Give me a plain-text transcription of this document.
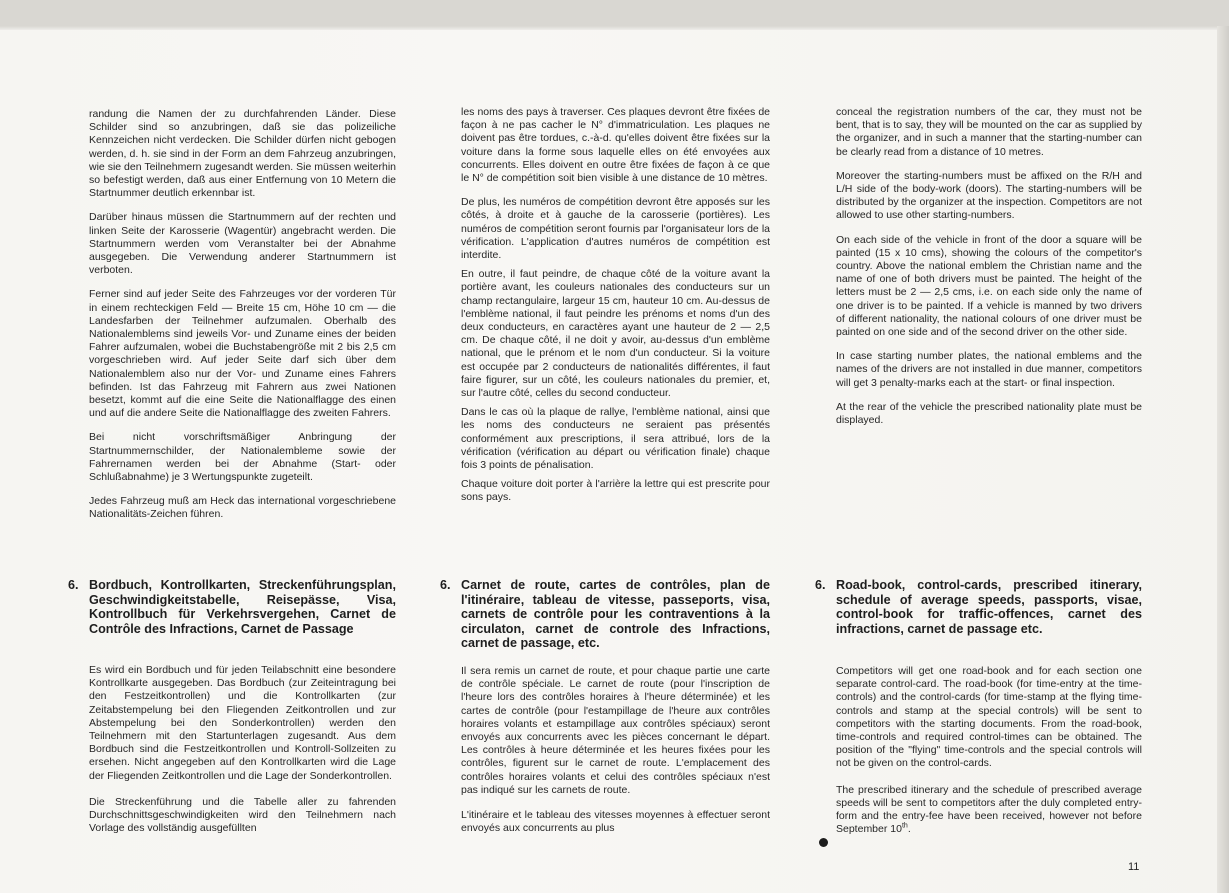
randung die Namen der zu durchfahrenden Länder. Diese Schilder sind so anzubringen, daß sie das polizeiliche Kennzeichen nicht verdecken. Die Schilder dürfen nicht gebogen werden, d. h. sie sind in der Form an dem Fahrzeug anzubringen, wie sie den Teilnehmern zugesandt werden. Sie müssen weiterhin so befestigt werden, daß aus einer Entfernung von 10 Metern die Startnummer deutlich erkennbar ist.

Darüber hinaus müssen die Startnummern auf der rechten und linken Seite der Karosserie (Wagentür) angebracht werden. Die Startnummern werden vom Veranstalter bei der Abnahme ausgegeben. Die Verwendung anderer Startnummern ist verboten.

Ferner sind auf jeder Seite des Fahrzeuges vor der vorderen Tür in einem rechteckigen Feld — Breite 15 cm, Höhe 10 cm — die Landesfarben der Teilnehmer aufzumalen. Oberhalb des Nationalemblems sind jeweils Vor- und Zuname eines der beiden Fahrer aufzumalen, wobei die Buchstabengröße mit 2 bis 2,5 cm vorgeschrieben wird. Auf jeder Seite darf sich über dem Nationalemblem also nur der Vor- und Zuname eines Fahrers befinden. Ist das Fahrzeug mit Fahrern aus zwei Nationen besetzt, kommt auf die eine Seite die Nationalflagge des einen und auf die andere Seite die Nationalflagge des zweiten Fahrers.

Bei nicht vorschriftsmäßiger Anbringung der Startnummernschilder, der Nationalembleme sowie der Fahrernamen werden bei der Abnahme (Start- oder Schlußabnahme) je 3 Wertungspunkte zugeteilt.

Jedes Fahrzeug muß am Heck das international vorgeschriebene Nationalitäts-Zeichen führen.

les noms des pays à traverser. Ces plaques devront être fixées de façon à ne pas cacher le N° d'immatriculation. Les plaques ne doivent pas être tordues, c.-à-d. qu'elles doivent être fixées sur la voiture dans la forme sous laquelle elles on été envoyées aux concurrents. Elles doivent en outre être fixées de façon à ce que le N° de compétition soit bien visible à une distance de 10 mètres.

De plus, les numéros de compétition devront être apposés sur les côtés, à droite et à gauche de la carosserie (portières). Les numéros de compétition seront fournis par l'organisateur lors de la vérification. L'application d'autres numéros de compétition est interdite.

En outre, il faut peindre, de chaque côté de la voiture avant la portière avant, les couleurs nationales des conducteurs sur un champ rectangulaire, largeur 15 cm, hauteur 10 cm. Au-dessus de l'emblème national, il faut peindre les prénoms et noms d'un des deux conducteurs, en caractères ayant une hauteur de 2 — 2,5 cm. De chaque côté, il ne doit y avoir, au-dessus d'un emblème national, que le prénom et le nom d'un conducteur. Si la voiture est occupée par 2 conducteurs de nationalités différentes, il faut faire figurer, sur un côté, les couleurs nationales du premier, et, sur l'autre côté, celles du second conducteur.

Dans le cas où la plaque de rallye, l'emblème national, ainsi que les noms des conducteurs ne seraient pas présentés conformément aux prescriptions, il sera attribué, lors de la vérification (vérification au départ ou vérification finale) chaque fois 3 points de pénalisation.

Chaque voiture doit porter à l'arrière la lettre qui est prescrite pour sons pays.

conceal the registration numbers of the car, they must not be bent, that is to say, they will be mounted on the car as supplied by the organizer, and in such a manner that the starting-number can be clearly read from a distance of 10 metres.

Moreover the starting-numbers must be affixed on the R/H and L/H side of the body-work (doors). The starting-numbers will be distributed by the organizer at the inspection. Competitors are not allowed to use other starting-numbers.

On each side of the vehicle in front of the door a square will be painted (15 x 10 cms), showing the colours of the competitor's country. Above the national emblem the Christian name and the name of one of both drivers must be painted. The height of the letters must be 2 — 2,5 cms, i.e. on each side only the name of one driver is to be painted. If a vehicle is manned by two drivers of different nationality, the national colours of one driver must be painted on one side and of the second driver on the other side.

In case starting number plates, the national emblems and the names of the drivers are not installed in due manner, competitors will get 3 penalty-marks each at the start- or final inspection.

At the rear of the vehicle the prescribed nationality plate must be displayed.

6. Bordbuch, Kontrollkarten, Streckenführungsplan, Geschwindigkeitstabelle, Reisepässe, Visa, Kontrollbuch für Verkehrsvergehen, Carnet de Contrôle des Infractions, Carnet de Passage
6. Carnet de route, cartes de contrôles, plan de l'itinéraire, tableau de vitesse, passeports, visa, carnets de contrôle pour les contraventions à la circulaton, carnet de controle des Infractions, carnet de passage, etc.
6. Road-book, control-cards, prescribed itinerary, schedule of average speeds, passports, visae, control-book for traffic-offences, carnet des infractions, carnet de passage etc.

Es wird ein Bordbuch und für jeden Teilabschnitt eine besondere Kontrollkarte ausgegeben. Das Bordbuch (zur Zeiteintragung bei den Festzeitkontrollen) und die Kontrollkarten (zur Zeitabstempelung bei den Fliegenden Zeitkontrollen und zur Abstempelung bei den Sonderkontrollen) werden den Teilnehmern mit den Startunterlagen zugesandt. Aus dem Bordbuch sind die Festzeitkontrollen und Kontroll-Sollzeiten zu ersehen. Nicht angegeben auf den Kontrollkarten wird die Lage der Fliegenden Zeitkontrollen und die Lage der Sonderkontrollen.

Die Streckenführung und die Tabelle aller zu fahrenden Durchschnittsgeschwindigkeiten wird den Teilnehmern nach Vorlage des vollständig ausgefüllten

Il sera remis un carnet de route, et pour chaque partie une carte de contrôle spéciale. Le carnet de route (pour l'inscription de l'heure lors des contrôles horaires à l'heure déterminée) et les cartes de contrôle (pour l'estampillage de l'heure aux contrôles horaires volants et estampillage aux contrôles spéciaux) seront envoyés aux concurrents avec les pièces concernant le départ. Les contrôles à heure déterminée et les heures fixées pour les contrôles, figurent sur le carnet de route. L'emplacement des contrôles horaires volants et celui des contrôles spéciaux n'est pas indiqué sur les carnets de route.

L'itinéraire et le tableau des vitesses moyennes à effectuer seront envoyés aux concurrents au plus

Competitors will get one road-book and for each section one separate control-card. The road-book (for time-entry at the time-controls) and the control-cards (for time-stamp at the flying time-controls and stamp at the special controls) will be sent to competitors with the starting documents. From the road-book, time-controls and required control-times can be obtained. The position of the "flying" time-controls and the special controls will not be given on the control-cards.

The prescribed itinerary and the schedule of prescribed average speeds will be sent to competitors after the duly completed entry-form and the entry-fee have been received, however not before September 10th.

11
